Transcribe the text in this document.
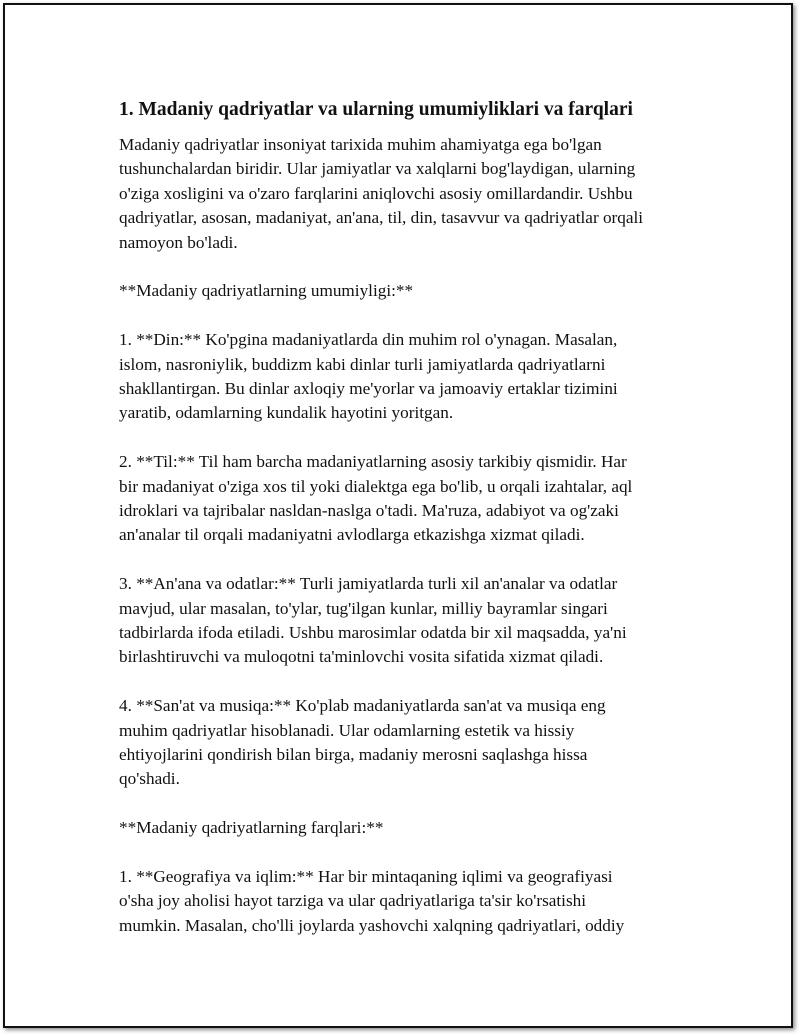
1. Madaniy qadriyatlar va ularning umumiyliklari va farqlari

Madaniy qadriyatlar insoniyat tarixida muhim ahamiyatga ega bo'lgan
tushunchalardan biridir. Ular jamiyatlar va xalqlarni bog'laydigan, ularning
o'ziga xosligini va o'zaro farqlarini aniqlovchi asosiy omillardandir. Ushbu
qadriyatlar, asosan, madaniyat, an'ana, til, din, tasavvur va qadriyatlar orqali
namoyon bo'ladi.

**Madaniy qadriyatlarning umumiyligi:**

1. **Din:** Ko'pgina madaniyatlarda din muhim rol o'ynagan. Masalan,
islom, nasroniylik, buddizm kabi dinlar turli jamiyatlarda qadriyatlarni
shakllantirgan. Bu dinlar axloqiy me'yorlar va jamoaviy ertaklar tizimini
yaratib, odamlarning kundalik hayotini yoritgan.

2. **Til:** Til ham barcha madaniyatlarning asosiy tarkibiy qismidir. Har
bir madaniyat o'ziga xos til yoki dialektga ega bo'lib, u orqali izahtalar, aql
idroklari va tajribalar nasldan-naslga o'tadi. Ma'ruza, adabiyot va og'zaki
an'analar til orqali madaniyatni avlodlarga etkazishga xizmat qiladi.

3. **An'ana va odatlar:** Turli jamiyatlarda turli xil an'analar va odatlar
mavjud, ular masalan, to'ylar, tug'ilgan kunlar, milliy bayramlar singari
tadbirlarda ifoda etiladi. Ushbu marosimlar odatda bir xil maqsadda, ya'ni
birlashtiruvchi va muloqotni ta'minlovchi vosita sifatida xizmat qiladi.

4. **San'at va musiqa:** Ko'plab madaniyatlarda san'at va musiqa eng
muhim qadriyatlar hisoblanadi. Ular odamlarning estetik va hissiy
ehtiyojlarini qondirish bilan birga, madaniy merosni saqlashga hissa
qo'shadi.

**Madaniy qadriyatlarning farqlari:**

1. **Geografiya va iqlim:** Har bir mintaqaning iqlimi va geografiyasi
o'sha joy aholisi hayot tarziga va ular qadriyatlariga ta'sir ko'rsatishi
mumkin. Masalan, cho'lli joylarda yashovchi xalqning qadriyatlari, oddiy
